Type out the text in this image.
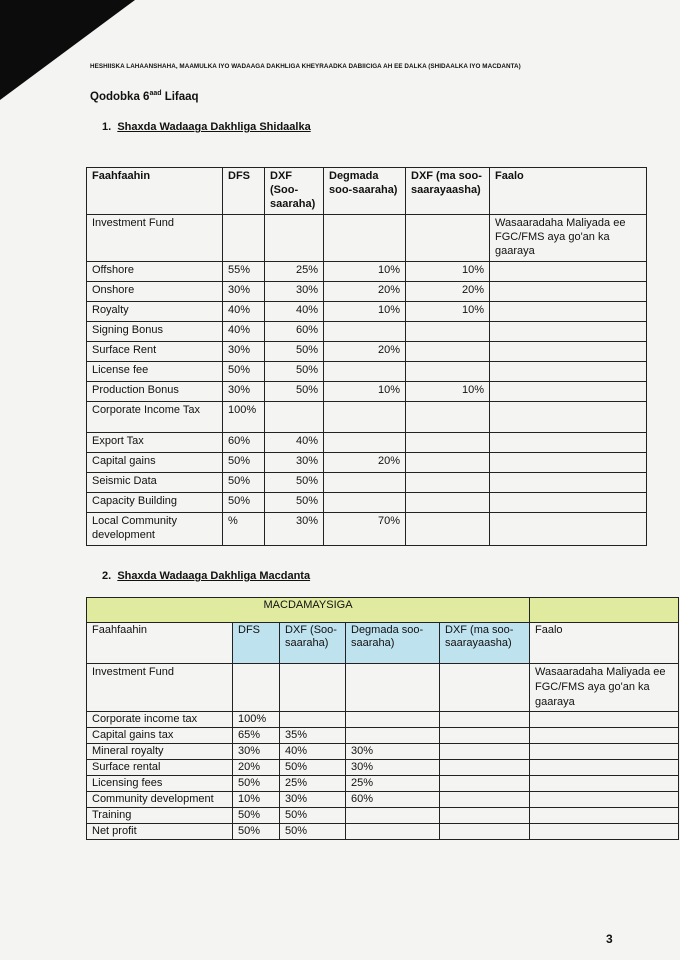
HESHIISKA LAHAANSHAHA, MAAMULKA IYO WADAAGA DAKHLIGA KHEYRAADKA DABIICIGA AH EE DALKA (SHIDAALKA IYO MACDANTA)
Qodobka $6^{aad}$ Lifaaq
1. Shaxda Wadaaga Dakhliga Shidaalka
Faahfaahin	DFS	DXF (Soo-saaraha)	Degmada soo-saaraha)	DXF (ma soo-saarayaasha)	Faalo
Investment Fund					Wasaaradaha Maliyada ee FGC/FMS aya go'an ka gaaraya
Offshore	55%	25%	10%	10%	
Onshore	30%	30%	20%	20%	
Royalty	40%	40%	10%	10%	
Signing Bonus	40%	60%			
Surface Rent	30%	50%	20%		
License fee	50%	50%			
Production Bonus	30%	50%	10%	10%	
Corporate Income Tax	100%				
Export Tax	60%	40%			
Capital gains	50%	30%	20%		
Seismic Data	50%	50%			
Capacity Building	50%	50%			
Local Community development	%	30%	70%		
2. Shaxda Wadaaga Dakhliga Macdanta
MACDAMAYSIGA					
Faahfaahin	DFS	DXF (Soo-saaraha)	Degmada soo-saaraha)	DXF (ma soo-saarayaasha)	Faalo
Investment Fund					Wasaaradaha Maliyada ee FGC/FMS aya go'an ka gaaraya
Corporate income tax	100%				
Capital gains tax	65%	35%			
Mineral royalty	30%	40%	30%		
Surface rental	20%	50%	30%		
Licensing fees	50%	25%	25%		
Community development	10%	30%	60%		
Training	50%	50%			
Net profit	50%	50%			
3
